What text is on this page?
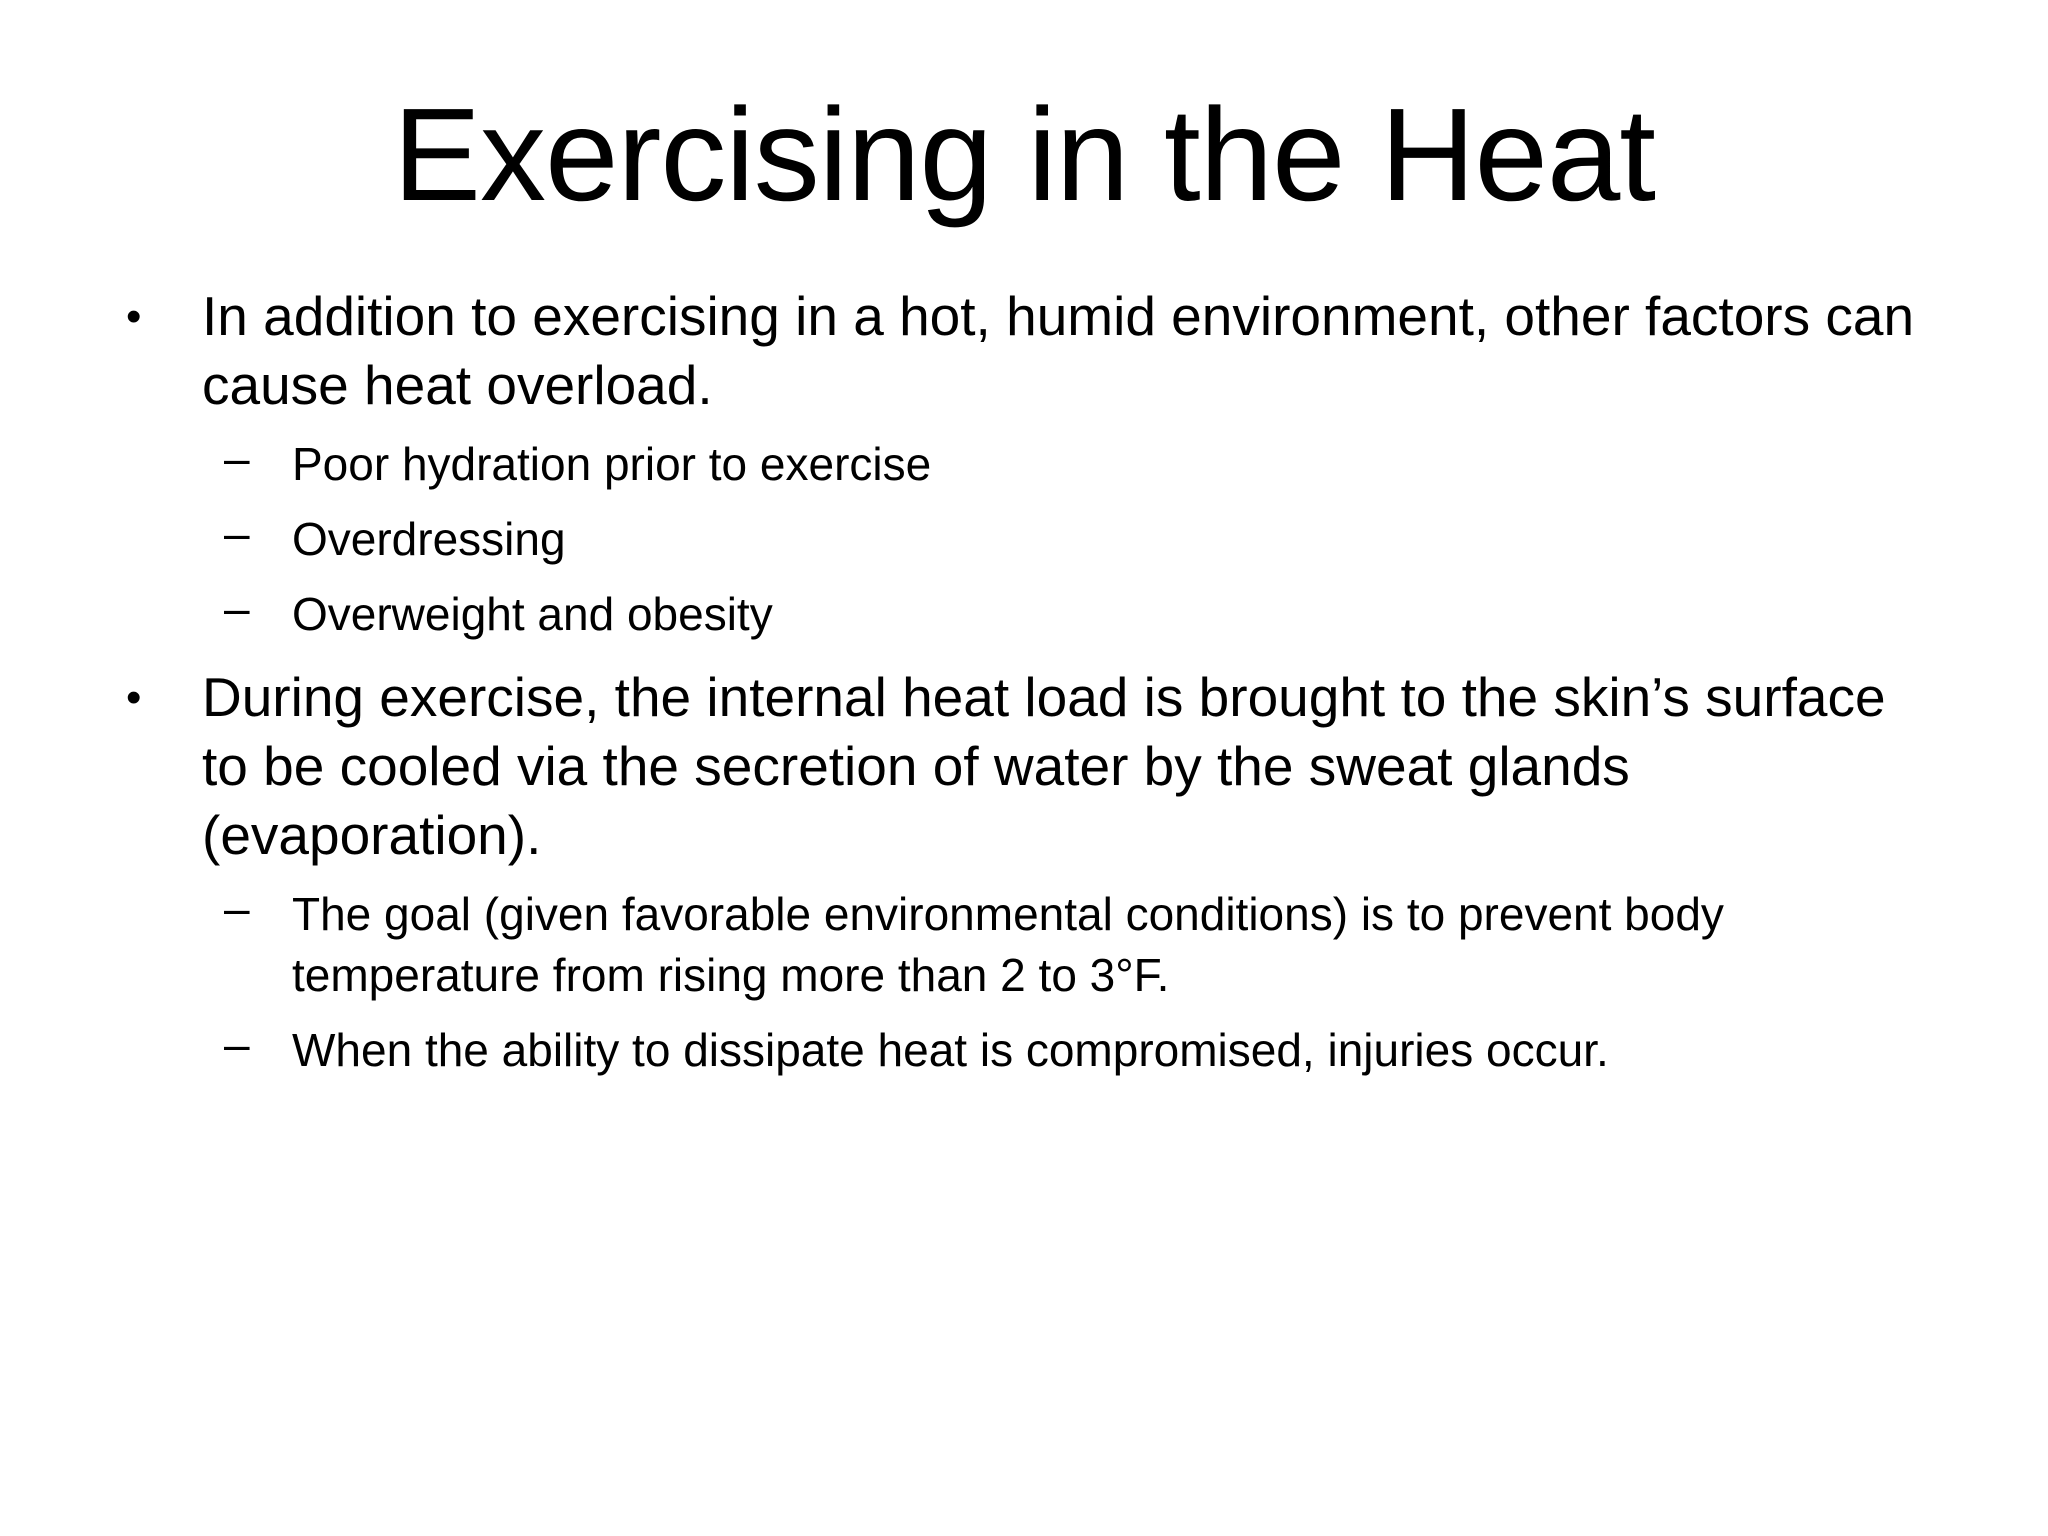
Exercising in the Heat
• In addition to exercising in a hot, humid environment, other factors can cause heat overload.
– Poor hydration prior to exercise
– Overdressing
– Overweight and obesity
• During exercise, the internal heat load is brought to the skin’s surface to be cooled via the secretion of water by the sweat glands (evaporation).
– The goal (given favorable environmental conditions) is to prevent body temperature from rising more than 2 to 3°F.
– When the ability to dissipate heat is compromised, injuries occur.
